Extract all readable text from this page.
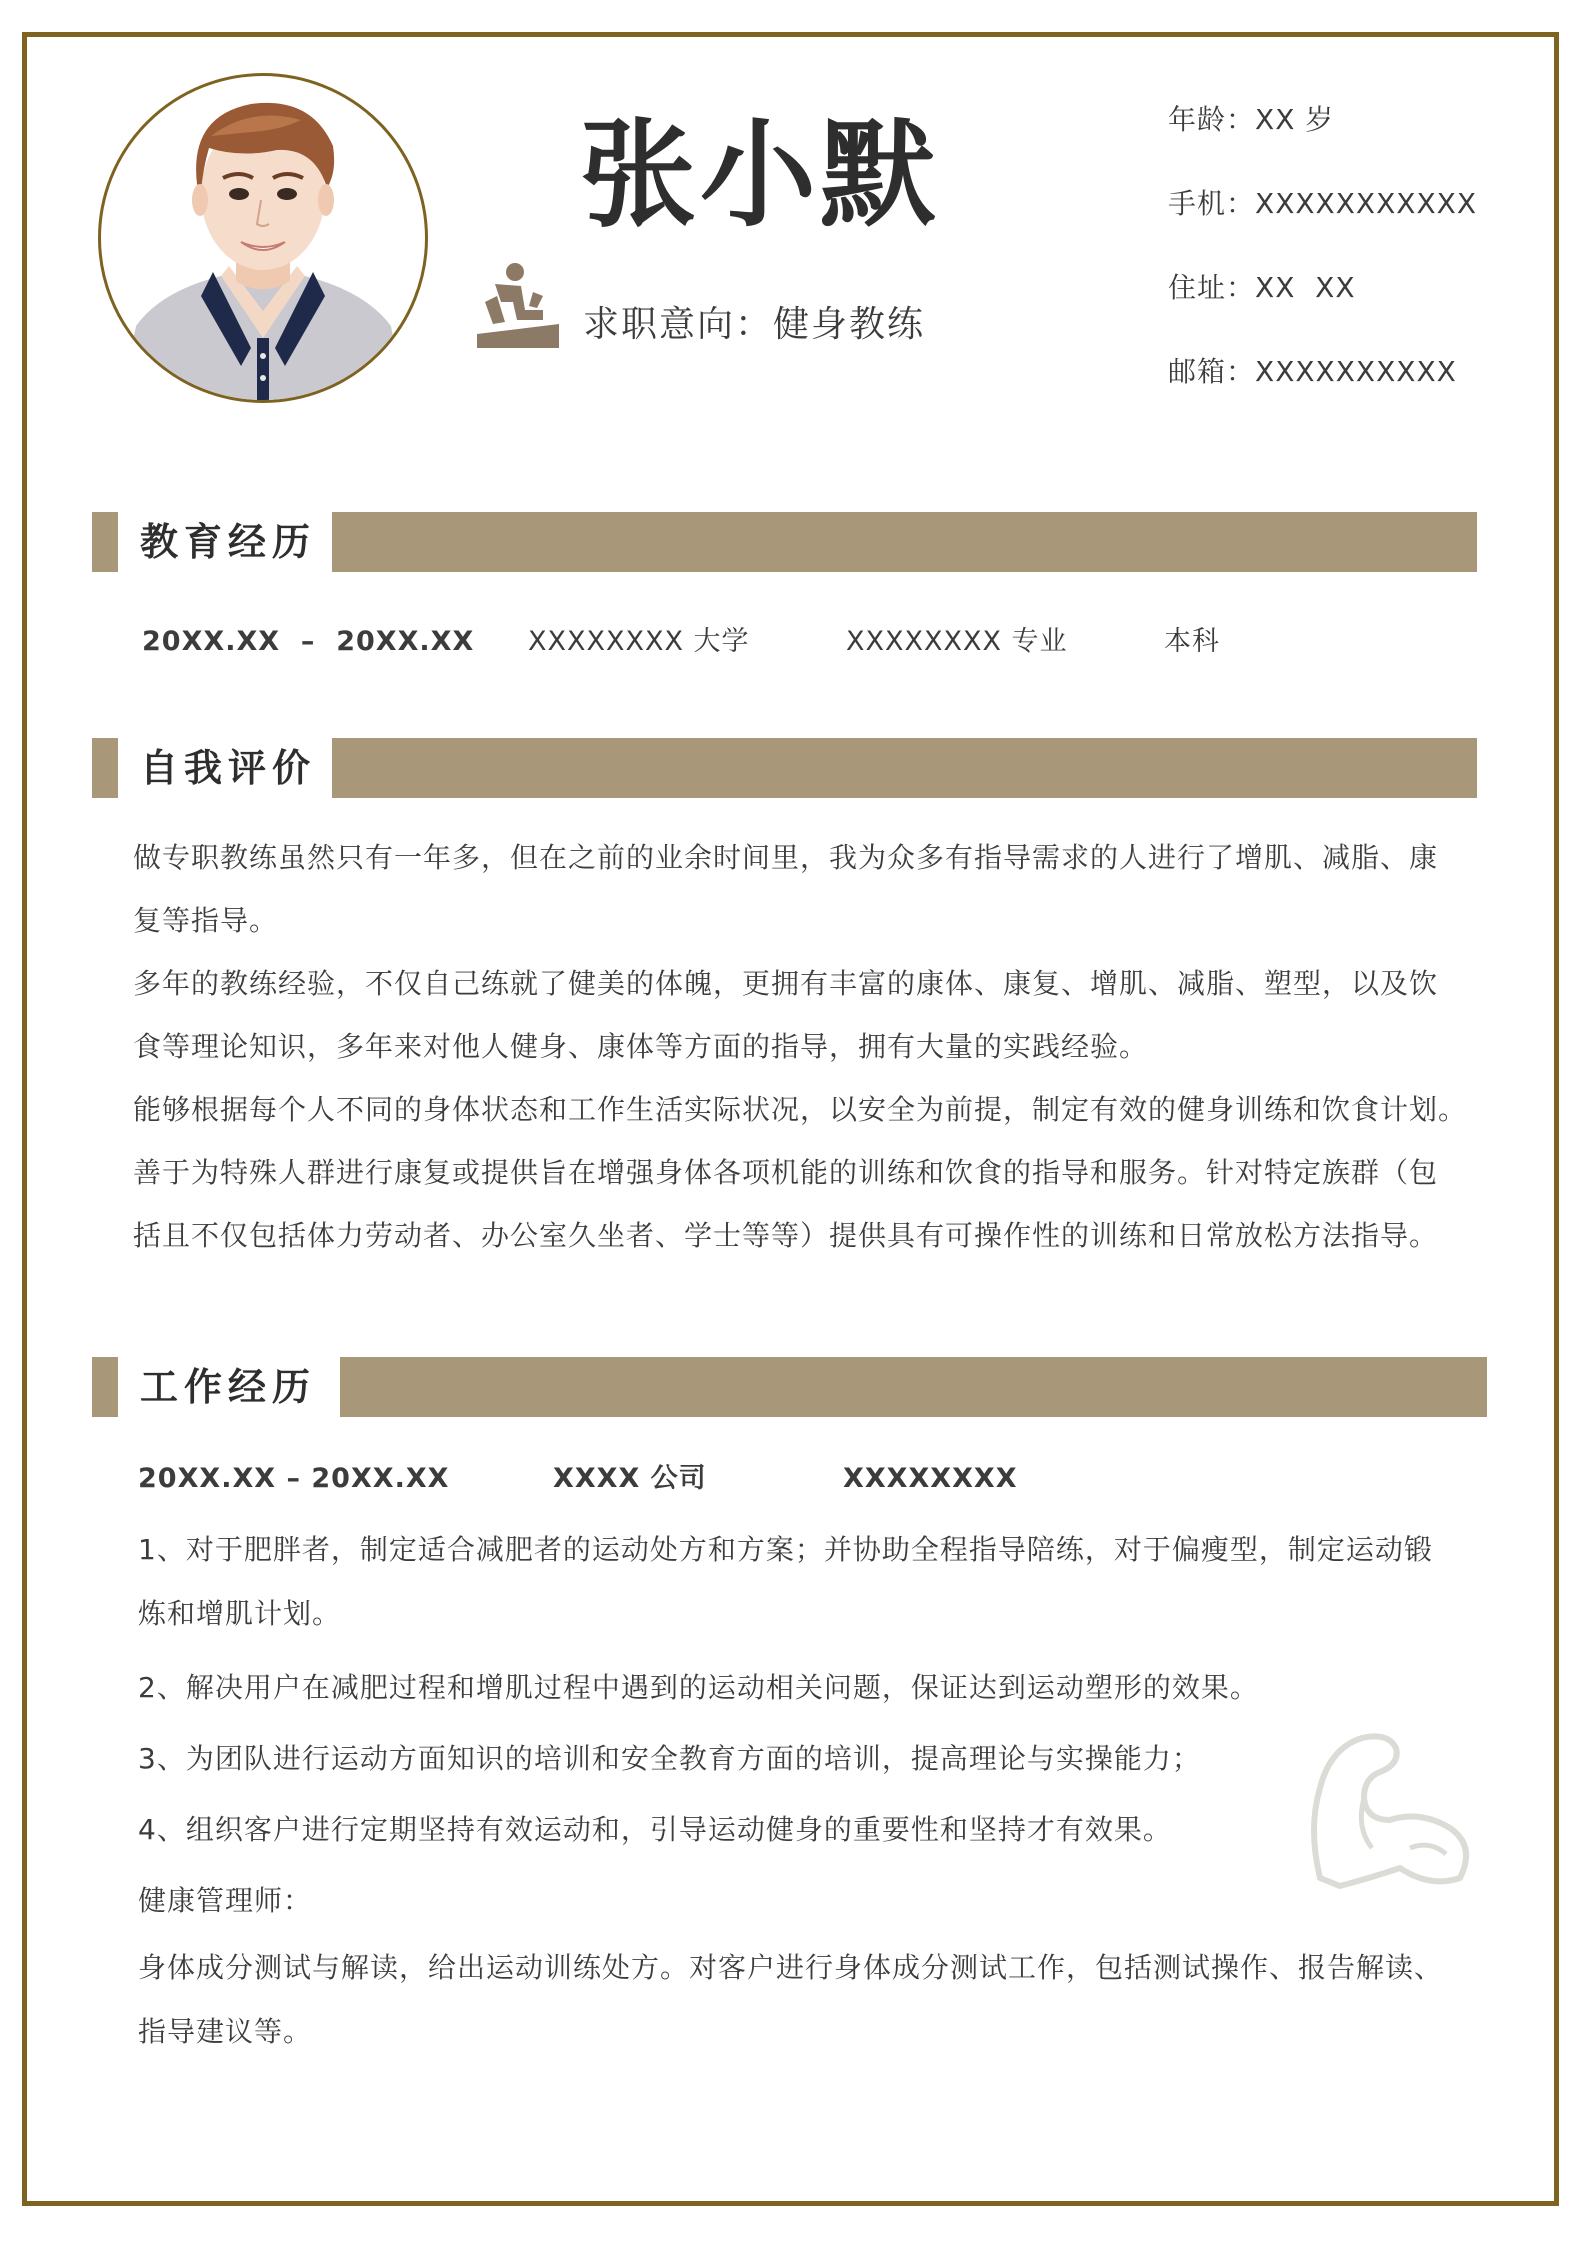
张小默
求职意向：健身教练
年龄：XX 岁
手机：XXXXXXXXXXX
住址：XX  XX
邮箱：XXXXXXXXXX
教育经历
20XX.XX  –  20XX.XX XXXXXXXX 大学	XXXXXXXX 专业	本科
自我评价
做专职教练虽然只有一年多，但在之前的业余时间里，我为众多有指导需求的人进行了增肌、减脂、康
复等指导。
多年的教练经验，不仅自己练就了健美的体魄，更拥有丰富的康体、康复、增肌、减脂、塑型，以及饮
食等理论知识，多年来对他人健身、康体等方面的指导，拥有大量的实践经验。
能够根据每个人不同的身体状态和工作生活实际状况，以安全为前提，制定有效的健身训练和饮食计划。
善于为特殊人群进行康复或提供旨在增强身体各项机能的训练和饮食的指导和服务。针对特定族群（包
括且不仅包括体力劳动者、办公室久坐者、学士等等）提供具有可操作性的训练和日常放松方法指导。
工作经历
20XX.XX – 20XX.XX	XXXX 公司	XXXXXXXX
1、对于肥胖者，制定适合减肥者的运动处方和方案；并协助全程指导陪练，对于偏瘦型，制定运动锻
炼和增肌计划。
2、解决用户在减肥过程和增肌过程中遇到的运动相关问题，保证达到运动塑形的效果。
3、为团队进行运动方面知识的培训和安全教育方面的培训，提高理论与实操能力；
4、组织客户进行定期坚持有效运动和，引导运动健身的重要性和坚持才有效果。
健康管理师：
身体成分测试与解读，给出运动训练处方。对客户进行身体成分测试工作，包括测试操作、报告解读、
指导建议等。
